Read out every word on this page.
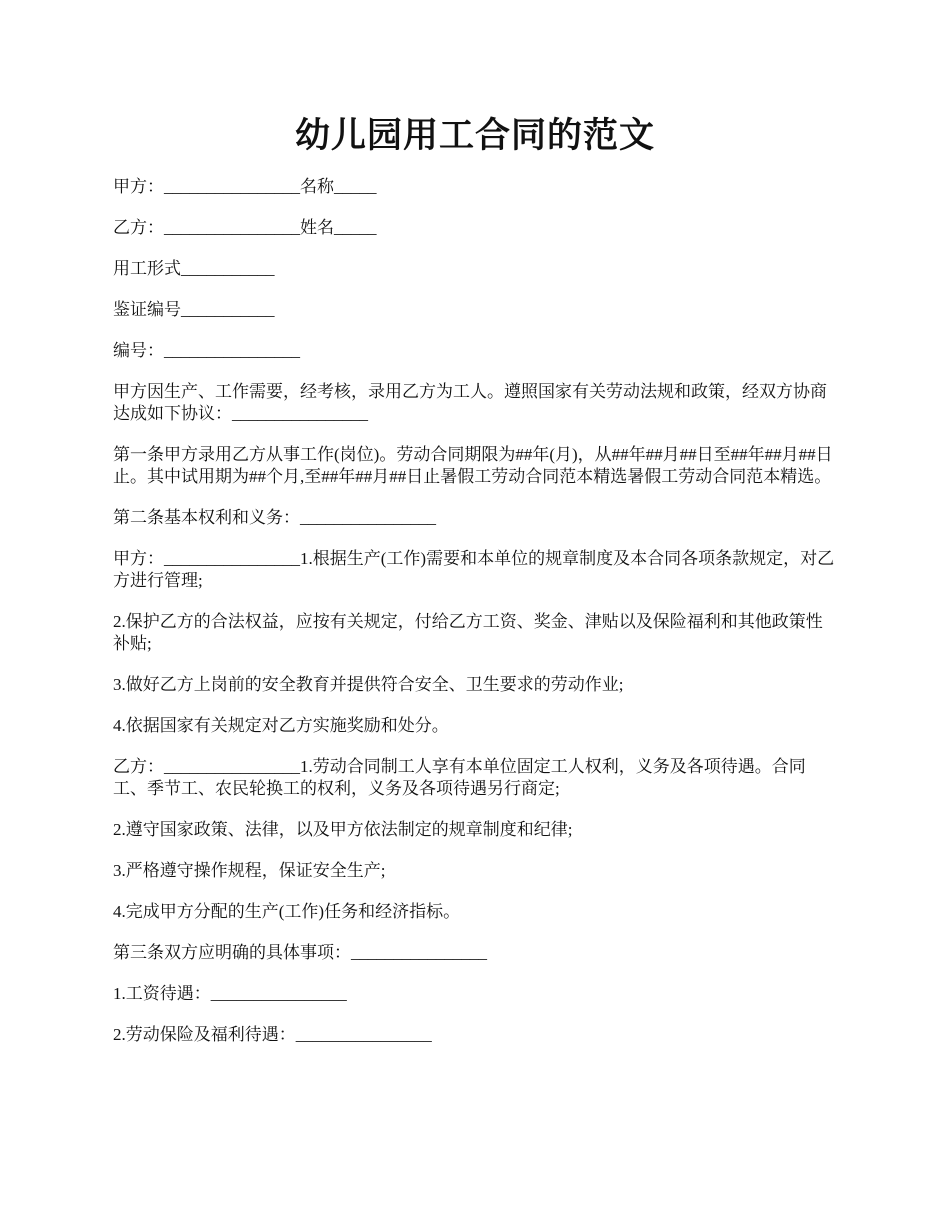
幼儿园用工合同的范文

甲方：________________名称_____

乙方：________________姓名_____

用工形式___________

鉴证编号___________

编号：________________

甲方因生产、工作需要，经考核，录用乙方为工人。遵照国家有关劳动法规和政策，经双方协商达成如下协议：________________

第一条甲方录用乙方从事工作(岗位)。劳动合同期限为##年(月)，从##年##月##日至##年##月##日止。其中试用期为##个月,至##年##月##日止暑假工劳动合同范本精选暑假工劳动合同范本精选。

第二条基本权利和义务：________________

甲方：________________1.根据生产(工作)需要和本单位的规章制度及本合同各项条款规定，对乙方进行管理;

2.保护乙方的合法权益，应按有关规定，付给乙方工资、奖金、津贴以及保险福利和其他政策性补贴;

3.做好乙方上岗前的安全教育并提供符合安全、卫生要求的劳动作业;

4.依据国家有关规定对乙方实施奖励和处分。

乙方：________________1.劳动合同制工人享有本单位固定工人权利，义务及各项待遇。合同工、季节工、农民轮换工的权利，义务及各项待遇另行商定;

2.遵守国家政策、法律，以及甲方依法制定的规章制度和纪律;

3.严格遵守操作规程，保证安全生产;

4.完成甲方分配的生产(工作)任务和经济指标。

第三条双方应明确的具体事项：________________

1.工资待遇：________________

2.劳动保险及福利待遇：________________
